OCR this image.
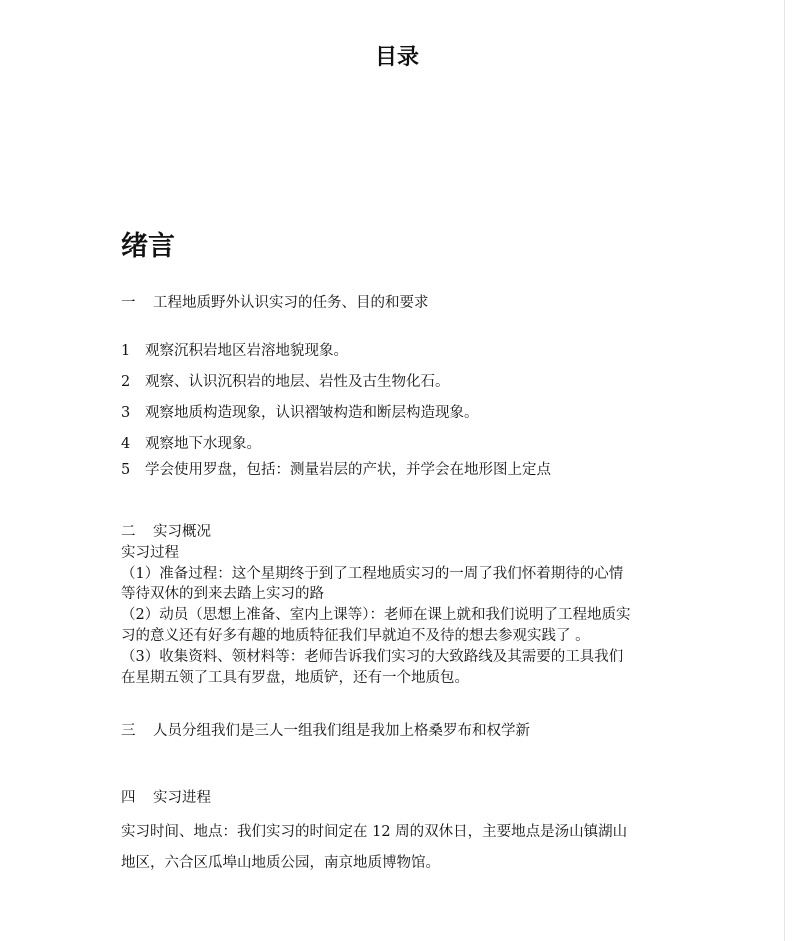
目录
绪言
一 工程地质野外认识实习的任务、目的和要求
1 观察沉积岩地区岩溶地貌现象。
2 观察、认识沉积岩的地层、岩性及古生物化石。
3 观察地质构造现象，认识褶皱构造和断层构造现象。
4 观察地下水现象。
5 学会使用罗盘，包括：测量岩层的产状，并学会在地形图上定点
二 实习概况
实习过程
（1）准备过程：这个星期终于到了工程地质实习的一周了我们怀着期待的心情
等待双休的到来去踏上实习的路
（2）动员（思想上准备、室内上课等）：老师在课上就和我们说明了工程地质实
习的意义还有好多有趣的地质特征我们早就迫不及待的想去参观实践了 。
（3）收集资料、领材料等：老师告诉我们实习的大致路线及其需要的工具我们
在星期五领了工具有罗盘，地质铲，还有一个地质包。
三 人员分组我们是三人一组我们组是我加上格桑罗布和权学新
四 实习进程
实习时间、地点：我们实习的时间定在 12 周的双休日，主要地点是汤山镇湖山
地区，六合区瓜埠山地质公园，南京地质博物馆。
